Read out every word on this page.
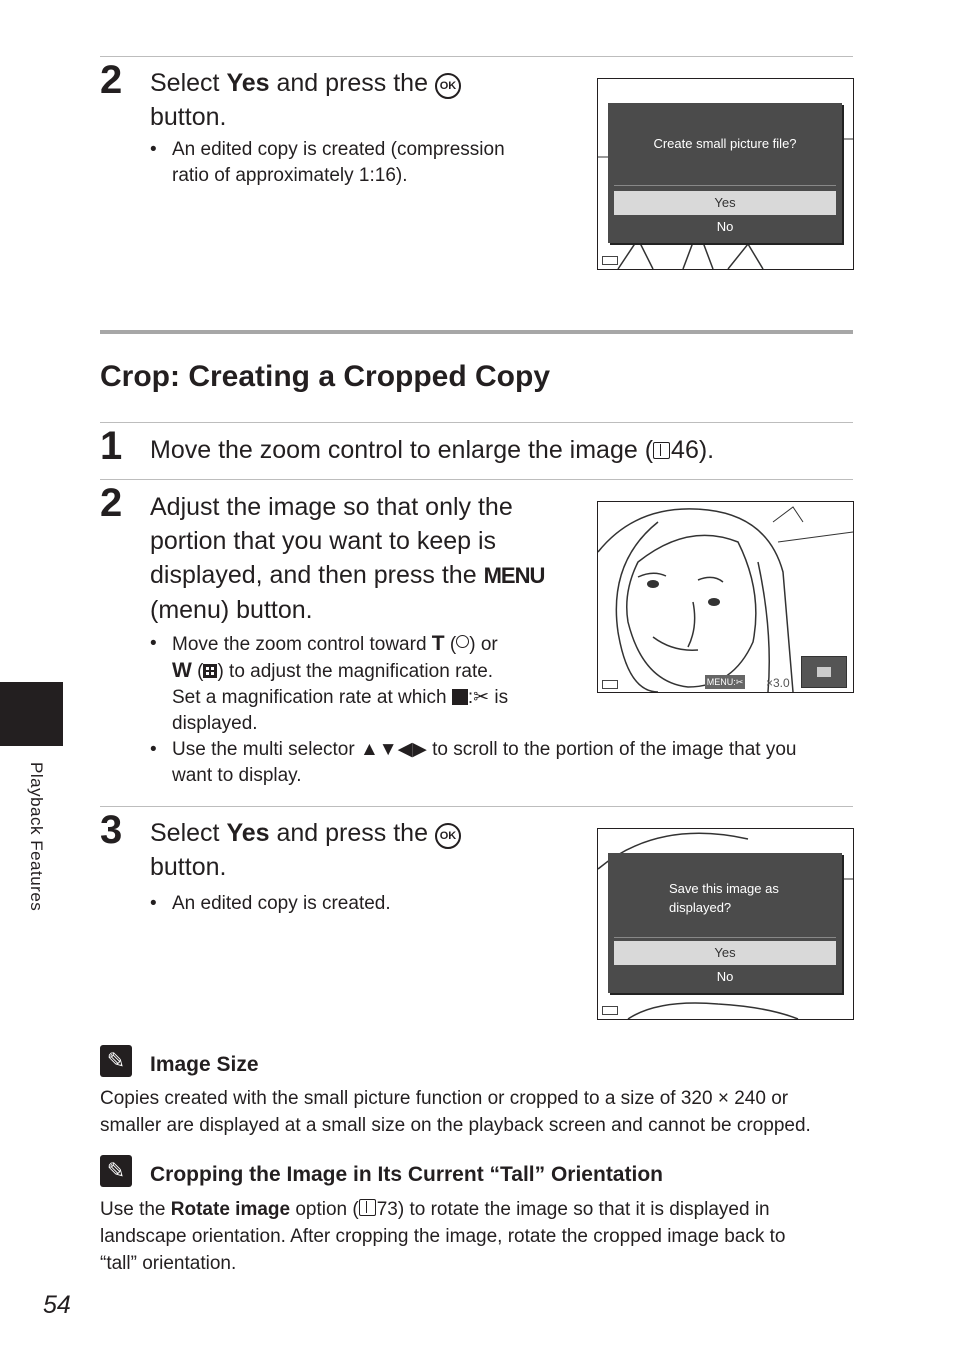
2 Select Yes and press the OK
button.
• An edited copy is created (compression
ratio of approximately 1:16).
Create small picture file?
Yes
No
Crop: Creating a Cropped Copy
1 Move the zoom control to enlarge the image ( 46).
2 Adjust the image so that only the
portion that you want to keep is
displayed, and then press the MENU
(menu) button.
• Move the zoom control toward T ( ) or
W ( ) to adjust the magnification rate.
Set a magnification rate at which :✂ is
displayed.
• Use the multi selector ▲▼◀▶ to scroll to the portion of the image that you
want to display.
MENU:✂ ×3.0
3 Select Yes and press the OK
button.
• An edited copy is created.
Save this image as
displayed?
Yes
No
✎	Image Size
Copies created with the small picture function or cropped to a size of 320 × 240 or
smaller are displayed at a small size on the playback screen and cannot be cropped.
✎	Cropping the Image in Its Current “Tall” Orientation
Use the Rotate image option ( 73) to rotate the image so that it is displayed in
landscape orientation. After cropping the image, rotate the cropped image back to
“tall” orientation.
Playback Features
54
